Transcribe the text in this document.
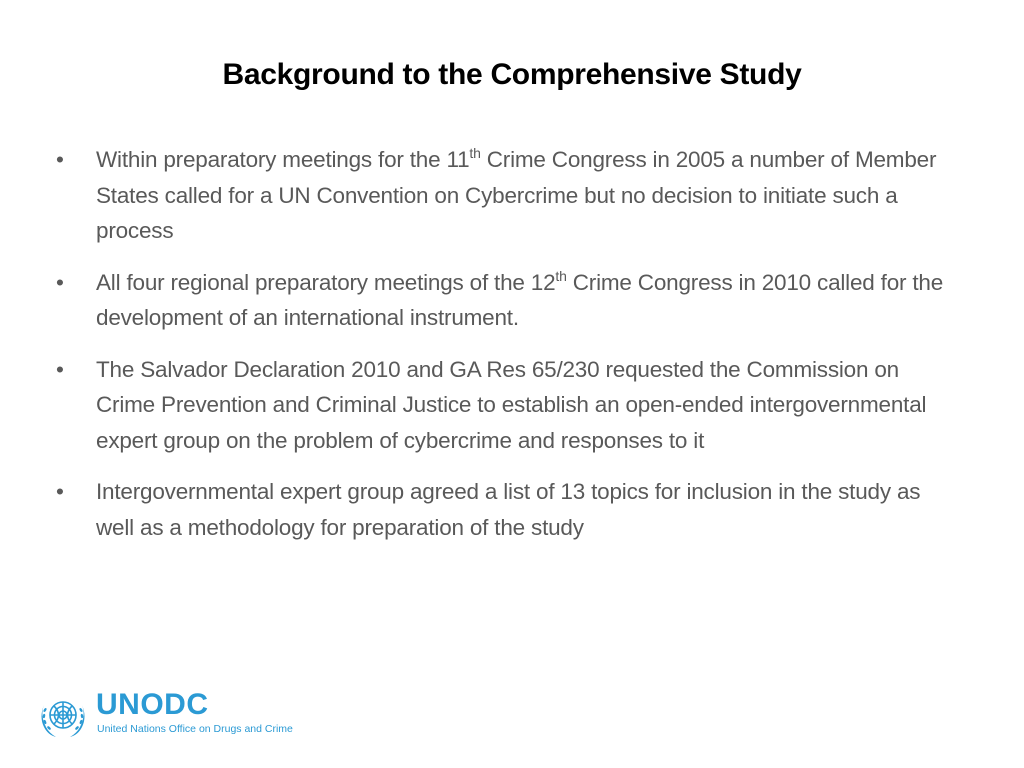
Background to the Comprehensive Study
•	Within preparatory meetings for the 11th Crime Congress in 2005 a number of Member States called for a UN Convention on Cybercrime but no decision to initiate such a process
•	All four regional preparatory meetings of the 12th Crime Congress in 2010 called for the development of an international instrument.
•	The Salvador Declaration 2010 and GA Res 65/230 requested the Commission on Crime Prevention and Criminal Justice to establish an open-ended intergovernmental expert group on the problem of cybercrime and responses to it
•	Intergovernmental expert group agreed a list of 13 topics for inclusion in the study as well as a methodology for preparation of the study
UNODC
United Nations Office on Drugs and Crime
